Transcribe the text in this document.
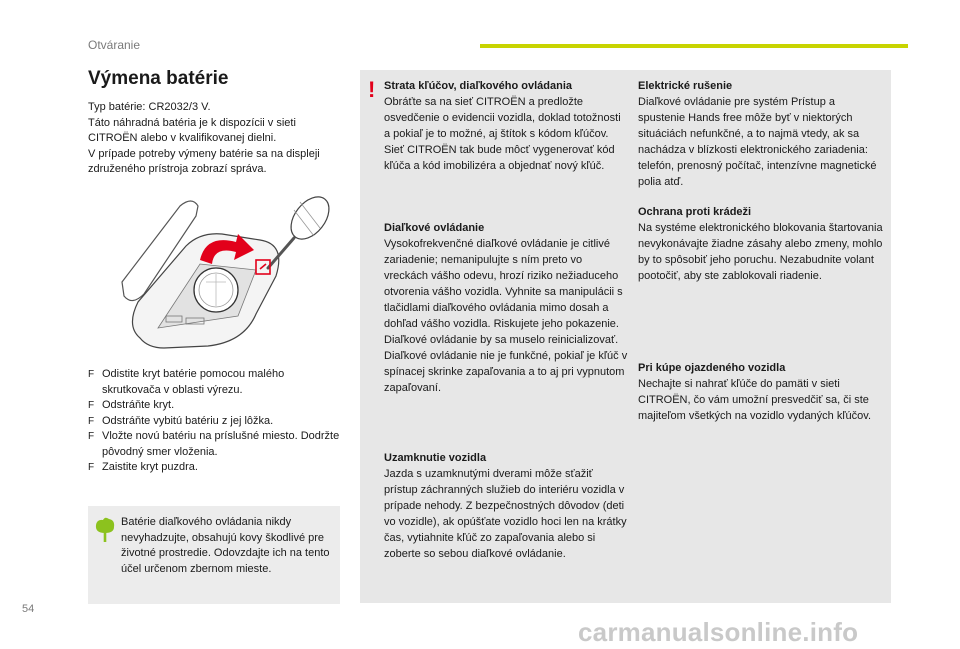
Otváranie
Výmena batérie
Typ batérie: CR2032/3 V.
Táto náhradná batéria je k dispozícii v sieti
CITROËN alebo v kvalifikovanej dielni.
V prípade potreby výmeny batérie sa na displeji
združeného prístroja zobrazí správa.
F Odistite kryt batérie pomocou malého skrutkovača v oblasti výrezu.
F Odstráňte kryt.
F Odstráňte vybitú batériu z jej lôžka.
F Vložte novú batériu na príslušné miesto. Dodržte pôvodný smer vloženia.
F Zaistite kryt puzdra.
Batérie diaľkového ovládania nikdy nevyhadzujte, obsahujú kovy škodlivé pre životné prostredie. Odovzdajte ich na tento účel určenom zbernom mieste.
! Strata kľúčov, diaľkového ovládania
Obráťte sa na sieť CITROËN a predložte osvedčenie o evidencii vozidla, doklad totožnosti a pokiaľ je to možné, aj štítok s kódom kľúčov. Sieť CITROËN tak bude môcť vygenerovať kód kľúča a kód imobilizéra a objednať nový kľúč.
Diaľkové ovládanie
Vysokofrekvenčné diaľkové ovládanie je citlivé zariadenie; nemanipulujte s ním preto vo vreckách vášho odevu, hrozí riziko nežiaduceho otvorenia vášho vozidla. Vyhnite sa manipulácii s tlačidlami diaľkového ovládania mimo dosah a dohľad vášho vozidla. Riskujete jeho pokazenie. Diaľkové ovládanie by sa muselo reinicializovať. Diaľkové ovládanie nie je funkčné, pokiaľ je kľúč v spínacej skrinke zapaľovania a to aj pri vypnutom zapaľovaní.
Uzamknutie vozidla
Jazda s uzamknutými dverami môže sťažiť prístup záchranných služieb do interiéru vozidla v prípade nehody. Z bezpečnostných dôvodov (deti vo vozidle), ak opúšťate vozidlo hoci len na krátky čas, vytiahnite kľúč zo zapaľovania alebo si zoberte so sebou diaľkové ovládanie.
Elektrické rušenie
Diaľkové ovládanie pre systém Prístup a spustenie Hands free môže byť v niektorých situáciách nefunkčné, a to najmä vtedy, ak sa nachádza v blízkosti elektronického zariadenia: telefón, prenosný počítač, intenzívne magnetické polia atď.
Ochrana proti krádeži
Na systéme elektronického blokovania štartovania nevykonávajte žiadne zásahy alebo zmeny, mohlo by to spôsobiť jeho poruchu. Nezabudnite volant pootočiť, aby ste zablokovali riadenie.
Pri kúpe ojazdeného vozidla
Nechajte si nahrať kľúče do pamäti v sieti CITROËN, čo vám umožní presvedčiť sa, či ste majiteľom všetkých na vozidlo vydaných kľúčov.
54
carmanualsonline.info
